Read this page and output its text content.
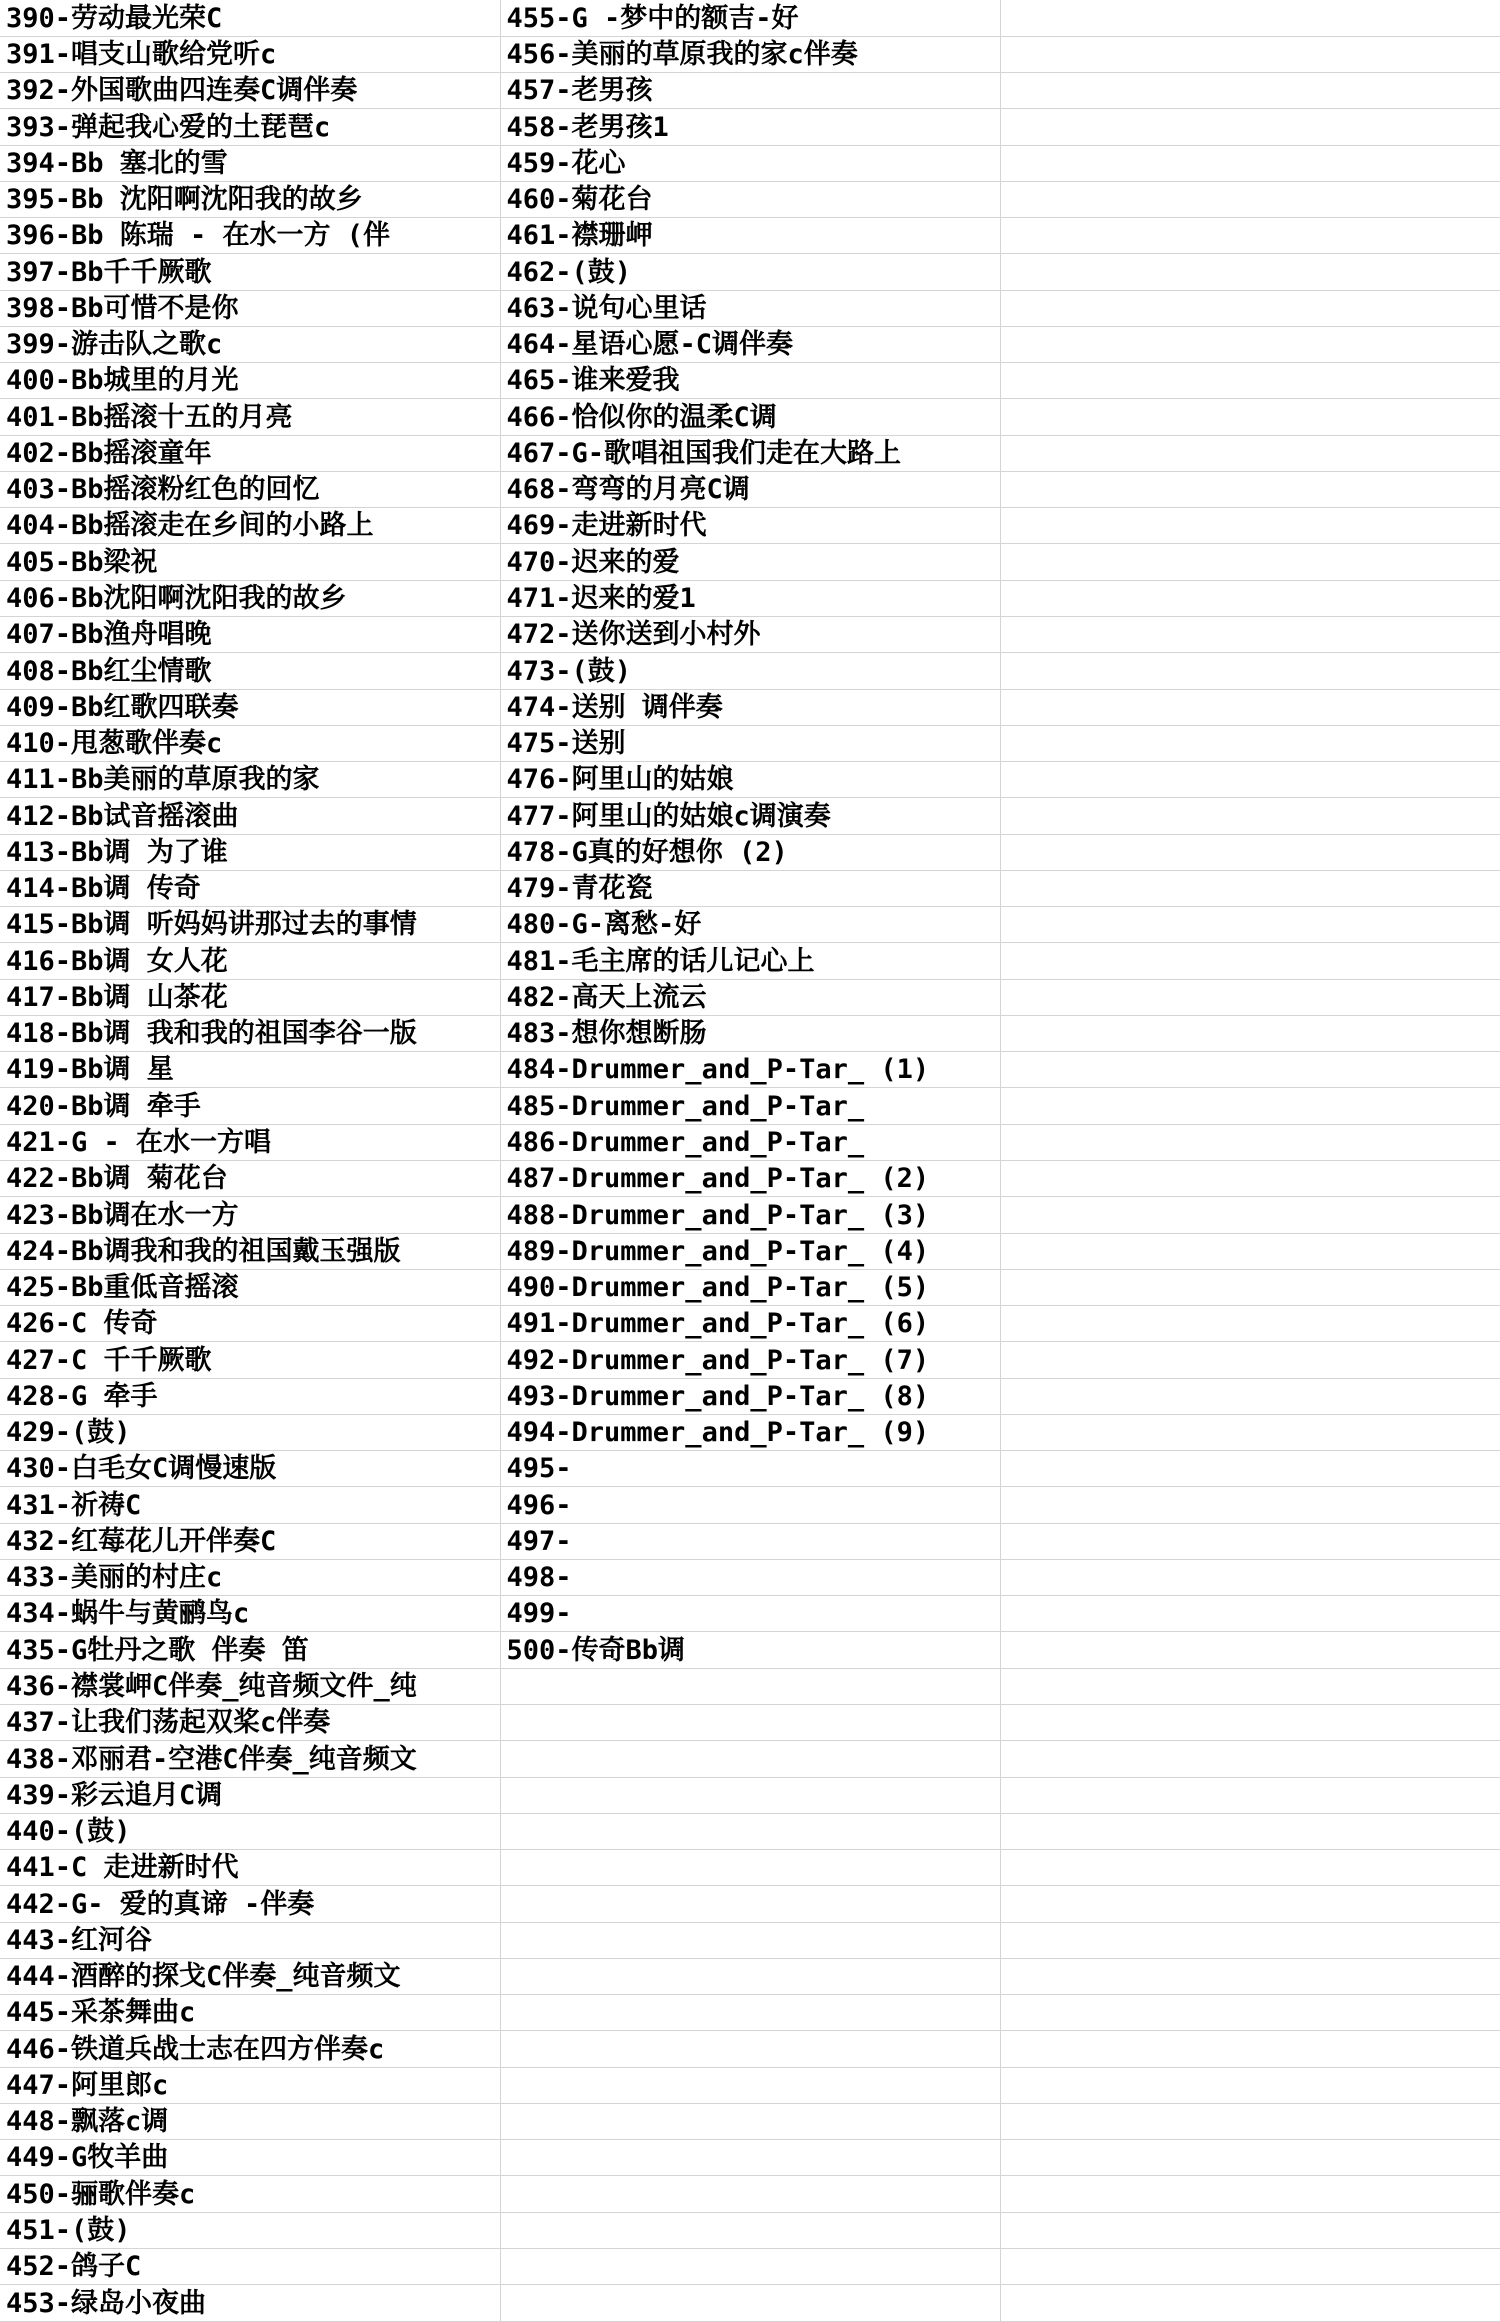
390-劳动最光荣C	455-G -梦中的额吉-好	
391-唱支山歌给党听c	456-美丽的草原我的家c伴奏	
392-外国歌曲四连奏C调伴奏	457-老男孩	
393-弹起我心爱的土琵琶c	458-老男孩1	
394-Bb 塞北的雪	459-花心	
395-Bb 沈阳啊沈阳我的故乡	460-菊花台	
396-Bb 陈瑞 - 在水一方 (伴	461-襟珊岬	
397-Bb千千厥歌	462-(鼓)	
398-Bb可惜不是你	463-说句心里话	
399-游击队之歌c	464-星语心愿-C调伴奏	
400-Bb城里的月光	465-谁来爱我	
401-Bb摇滚十五的月亮	466-恰似你的温柔C调	
402-Bb摇滚童年	467-G-歌唱祖国我们走在大路上	
403-Bb摇滚粉红色的回忆	468-弯弯的月亮C调	
404-Bb摇滚走在乡间的小路上	469-走进新时代	
405-Bb梁祝	470-迟来的爱	
406-Bb沈阳啊沈阳我的故乡	471-迟来的爱1	
407-Bb渔舟唱晚	472-送你送到小村外	
408-Bb红尘情歌	473-(鼓)	
409-Bb红歌四联奏	474-送别 调伴奏	
410-甩葱歌伴奏c	475-送别	
411-Bb美丽的草原我的家	476-阿里山的姑娘	
412-Bb试音摇滚曲	477-阿里山的姑娘c调演奏	
413-Bb调 为了谁	478-G真的好想你 (2)	
414-Bb调 传奇	479-青花瓷	
415-Bb调 听妈妈讲那过去的事情	480-G-离愁-好	
416-Bb调 女人花	481-毛主席的话儿记心上	
417-Bb调 山茶花	482-高天上流云	
418-Bb调 我和我的祖国李谷一版	483-想你想断肠	
419-Bb调 星	484-Drummer_and_P-Tar_ (1)	
420-Bb调 牵手	485-Drummer_and_P-Tar_	
421-G - 在水一方唱	486-Drummer_and_P-Tar_	
422-Bb调 菊花台	487-Drummer_and_P-Tar_ (2)	
423-Bb调在水一方	488-Drummer_and_P-Tar_ (3)	
424-Bb调我和我的祖国戴玉强版	489-Drummer_and_P-Tar_ (4)	
425-Bb重低音摇滚	490-Drummer_and_P-Tar_ (5)	
426-C 传奇	491-Drummer_and_P-Tar_ (6)	
427-C 千千厥歌	492-Drummer_and_P-Tar_ (7)	
428-G 牵手	493-Drummer_and_P-Tar_ (8)	
429-(鼓)	494-Drummer_and_P-Tar_ (9)	
430-白毛女C调慢速版	495-	
431-祈祷C	496-	
432-红莓花儿开伴奏C	497-	
433-美丽的村庄c	498-	
434-蜗牛与黄鹂鸟c	499-	
435-G牡丹之歌 伴奏 笛	500-传奇Bb调	
436-襟裳岬C伴奏_纯音频文件_纯		
437-让我们荡起双桨c伴奏		
438-邓丽君-空港C伴奏_纯音频文		
439-彩云追月C调		
440-(鼓)		
441-C 走进新时代		
442-G- 爱的真谛 -伴奏		
443-红河谷		
444-酒醉的探戈C伴奏_纯音频文		
445-采茶舞曲c		
446-铁道兵战士志在四方伴奏c		
447-阿里郎c		
448-飘落c调		
449-G牧羊曲		
450-骊歌伴奏c		
451-(鼓)		
452-鸽子C		
453-绿岛小夜曲		
